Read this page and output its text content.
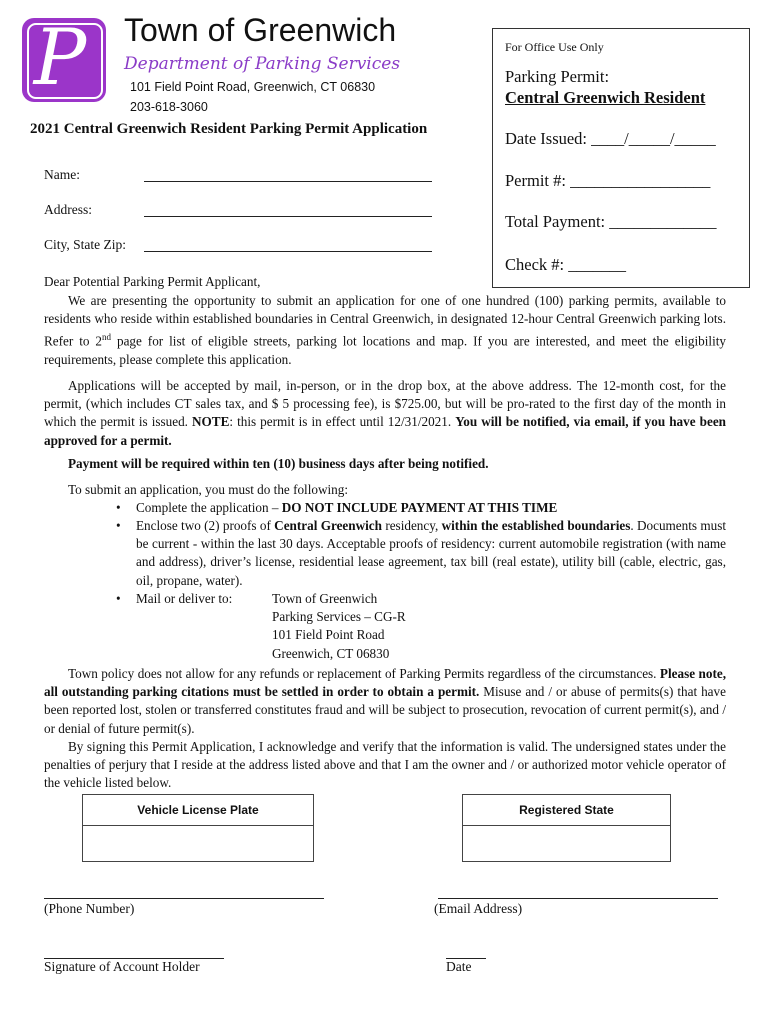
P	Town of Greenwich
Department of Parking Services
101 Field Point Road, Greenwich, CT 06830
203-618-3060
2021 Central Greenwich Resident Parking Permit Application
For Office Use Only
Parking Permit:
Central Greenwich Resident
Date Issued: ____/_____/_____
Permit #: _________________
Total Payment: _____________
Check #: _______
Name:
Address:
City, State Zip:
Dear Potential Parking Permit Applicant,
We are presenting the opportunity to submit an application for one of one hundred (100) parking permits, available to residents who reside within established boundaries in Central Greenwich, in designated 12-hour Central Greenwich parking lots. Refer to 2nd page for list of eligible streets, parking lot locations and map. If you are interested, and meet the eligibility requirements, please complete this application.
Applications will be accepted by mail, in-person, or in the drop box, at the above address. The 12-month cost, for the permit, (which includes CT sales tax, and $ 5 processing fee), is $725.00, but will be pro-rated to the first day of the month in which the permit is issued. NOTE: this permit is in effect until 12/31/2021. You will be notified, via email, if you have been approved for a permit.
Payment will be required within ten (10) business days after being notified.
To submit an application, you must do the following:
• Complete the application – DO NOT INCLUDE PAYMENT AT THIS TIME
• Enclose two (2) proofs of Central Greenwich residency, within the established boundaries. Documents must be current - within the last 30 days. Acceptable proofs of residency: current automobile registration (with name and address), driver’s license, residential lease agreement, tax bill (real estate), utility bill (cable, electric, gas, oil, propane, water).
• Mail or deliver to:	Town of Greenwich
Parking Services – CG-R
101 Field Point Road
Greenwich, CT 06830
Town policy does not allow for any refunds or replacement of Parking Permits regardless of the circumstances. Please note, all outstanding parking citations must be settled in order to obtain a permit. Misuse and / or abuse of permits(s) that have been reported lost, stolen or transferred constitutes fraud and will be subject to prosecution, revocation of current permit(s), and / or denial of future permit(s).
By signing this Permit Application, I acknowledge and verify that the information is valid. The undersigned states under the penalties of perjury that I reside at the address listed above and that I am the owner and / or authorized motor vehicle operator of the vehicle listed below.
Vehicle License Plate	Registered State
(Phone Number)	(Email Address)
Signature of Account Holder	Date
